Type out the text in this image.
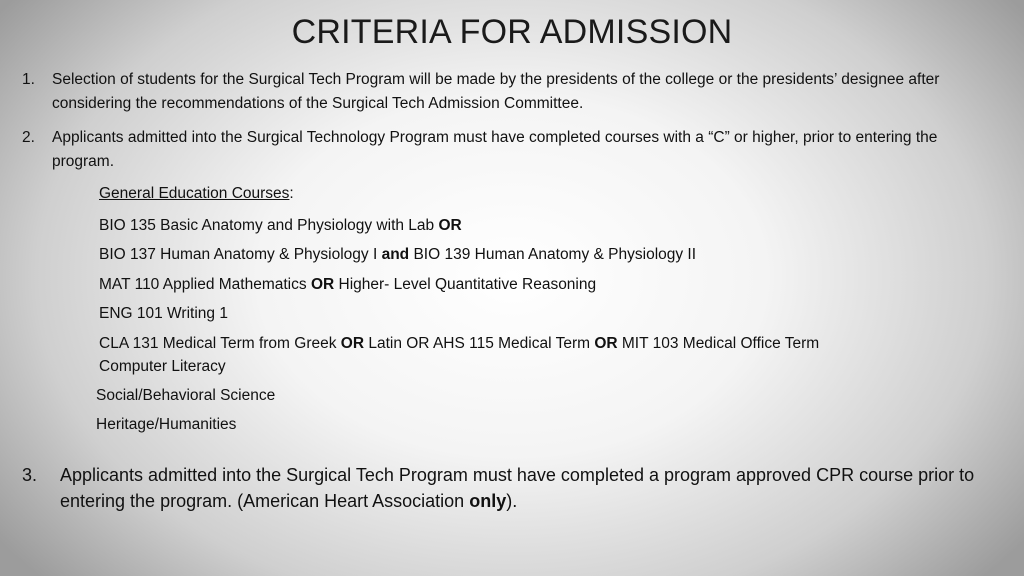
CRITERIA FOR ADMISSION
1. Selection of students for the Surgical Tech Program will be made by the presidents of the college or the presidents’ designee after considering the recommendations of the Surgical Tech Admission Committee.
2. Applicants admitted into the Surgical Technology Program must have completed courses with a “C” or higher, prior to entering the program.
General Education Courses:
BIO 135 Basic Anatomy and Physiology with Lab OR
BIO 137 Human Anatomy & Physiology I and BIO 139 Human Anatomy & Physiology II
MAT 110 Applied Mathematics OR Higher- Level Quantitative Reasoning
ENG 101 Writing 1
CLA 131 Medical Term from Greek OR Latin OR AHS 115 Medical Term OR MIT 103 Medical Office Term
Computer Literacy
Social/Behavioral Science
Heritage/Humanities
3. Applicants admitted into the Surgical Tech Program must have completed a program approved CPR course prior to entering the program. (American Heart Association only).
